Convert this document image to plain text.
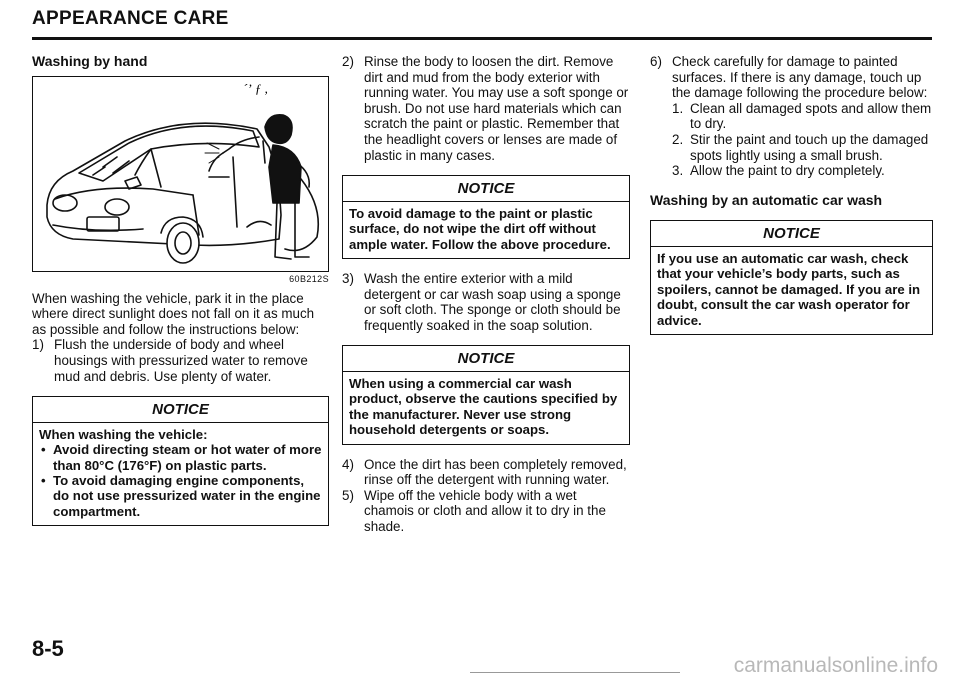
APPEARANCE CARE
Washing by hand
´ʼ ƒ ,
60B212S

When washing the vehicle, park it in the place where direct sunlight does not fall on it as much as possible and follow the instructions below:

1) Flush the underside of body and wheel housings with pressurized water to remove mud and debris. Use plenty of water.
NOTICE
When washing the vehicle:
• Avoid directing steam or hot water of more than 80°C (176°F) on plastic parts.
• To avoid damaging engine components, do not use pressurized water in the engine compartment.
2) Rinse the body to loosen the dirt. Remove dirt and mud from the body exterior with running water. You may use a soft sponge or brush. Do not use hard materials which can scratch the paint or plastic. Remember that the headlight covers or lenses are made of plastic in many cases.
NOTICE
To avoid damage to the paint or plastic surface, do not wipe the dirt off without ample water. Follow the above procedure.
3) Wash the entire exterior with a mild detergent or car wash soap using a sponge or soft cloth. The sponge or cloth should be frequently soaked in the soap solution.
NOTICE
When using a commercial car wash product, observe the cautions specified by the manufacturer. Never use strong household detergents or soaps.
4) Once the dirt has been completely removed, rinse off the detergent with running water.
5) Wipe off the vehicle body with a wet chamois or cloth and allow it to dry in the shade.
6) Check carefully for damage to painted surfaces. If there is any damage, touch up the damage following the procedure below:
1. Clean all damaged spots and allow them to dry.
2. Stir the paint and touch up the damaged spots lightly using a small brush.
3. Allow the paint to dry completely.
Washing by an automatic car wash
NOTICE
If you use an automatic car wash, check that your vehicle’s body parts, such as spoilers, cannot be damaged. If you are in doubt, consult the car wash operator for advice.
8-5
carmanualsonline.info
